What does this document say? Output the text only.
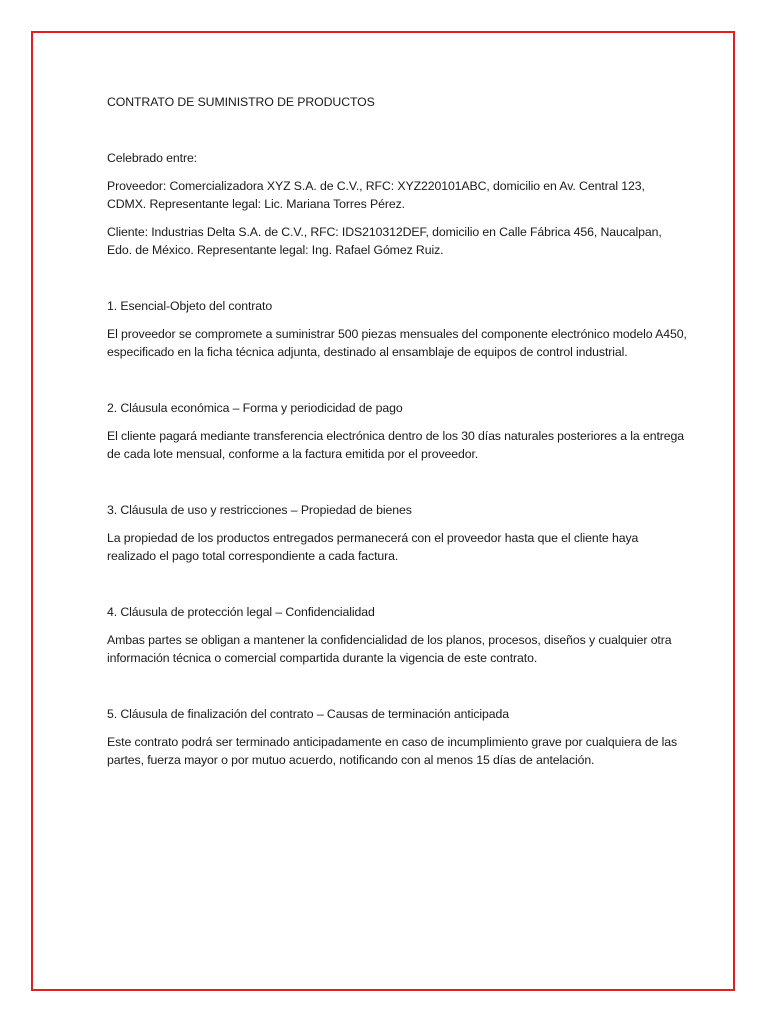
CONTRATO DE SUMINISTRO DE PRODUCTOS

Celebrado entre:

Proveedor: Comercializadora XYZ S.A. de C.V., RFC: XYZ220101ABC, domicilio en Av. Central 123, CDMX. Representante legal: Lic. Mariana Torres Pérez.

Cliente: Industrias Delta S.A. de C.V., RFC: IDS210312DEF, domicilio en Calle Fábrica 456, Naucalpan, Edo. de México. Representante legal: Ing. Rafael Gómez Ruiz.

1. Esencial-Objeto del contrato

El proveedor se compromete a suministrar 500 piezas mensuales del componente electrónico modelo A450, especificado en la ficha técnica adjunta, destinado al ensamblaje de equipos de control industrial.

2. Cláusula económica – Forma y periodicidad de pago

El cliente pagará mediante transferencia electrónica dentro de los 30 días naturales posteriores a la entrega de cada lote mensual, conforme a la factura emitida por el proveedor.

3. Cláusula de uso y restricciones – Propiedad de bienes

La propiedad de los productos entregados permanecerá con el proveedor hasta que el cliente haya realizado el pago total correspondiente a cada factura.

4. Cláusula de protección legal – Confidencialidad

Ambas partes se obligan a mantener la confidencialidad de los planos, procesos, diseños y cualquier otra información técnica o comercial compartida durante la vigencia de este contrato.

5. Cláusula de finalización del contrato – Causas de terminación anticipada

Este contrato podrá ser terminado anticipadamente en caso de incumplimiento grave por cualquiera de las partes, fuerza mayor o por mutuo acuerdo, notificando con al menos 15 días de antelación.
